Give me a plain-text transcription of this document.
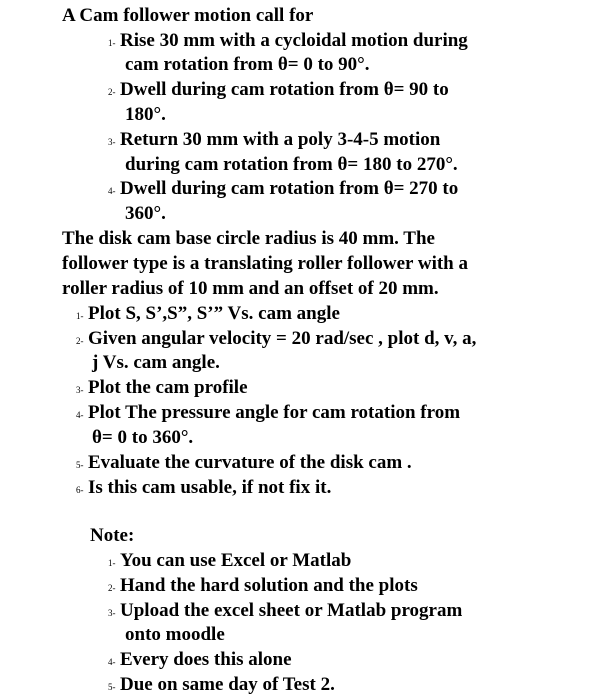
A Cam follower motion call for
1 - Rise 30 mm with a cycloidal motion during
cam rotation from θ= 0 to 90°.
2 - Dwell during cam rotation from θ= 90 to
180°.
3 - Return 30 mm with a poly 3-4-5 motion
during cam rotation from θ= 180 to 270°.
4 - Dwell during cam rotation from θ= 270 to
360°.
The disk cam base circle radius is 40 mm. The
follower type is a translating roller follower with a
roller radius of 10 mm and an offset of 20 mm.
1 - Plot S, S’,S”, S’” Vs. cam angle
2 - Given angular velocity = 20 rad/sec , plot d, v, a,
j Vs. cam angle.
3 - Plot the cam profile
4 - Plot The pressure angle for cam rotation from
θ= 0 to 360°.
5 - Evaluate the curvature of the disk cam .
6 - Is this cam usable, if not fix it.
Note:
1 - You can use Excel or Matlab
2 - Hand the hard solution and the plots
3 - Upload the excel sheet or Matlab program
onto moodle
4 - Every does this alone
5 - Due on same day of Test 2.
